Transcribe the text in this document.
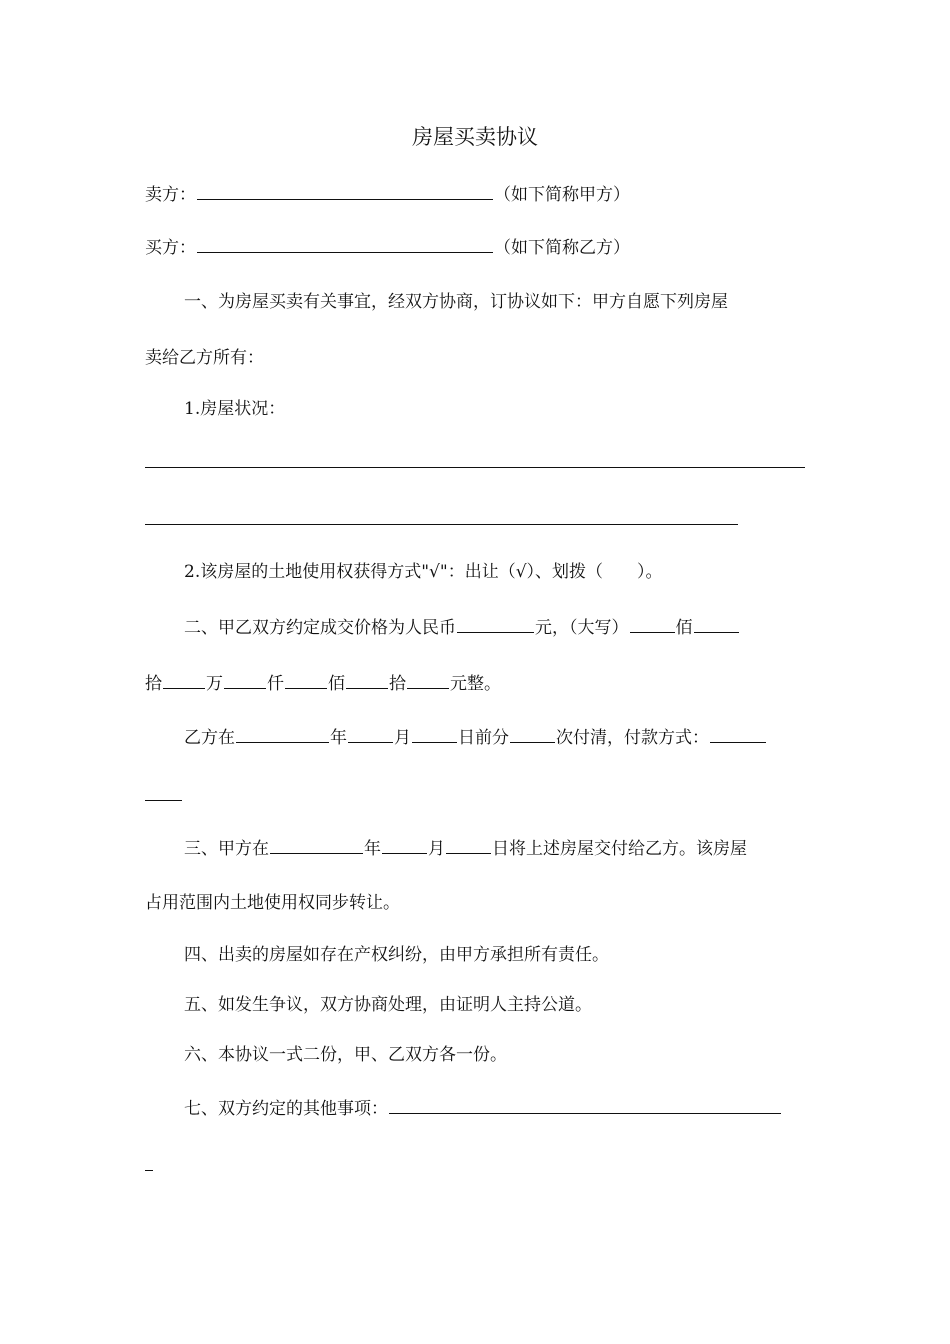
房屋买卖协议
卖方：	（如下简称甲方）
买方：	（如下简称乙方）
一、为房屋买卖有关事宜，经双方协商，订协议如下：甲方自愿下列房屋
卖给乙方所有：
1.房屋状况：
2.该房屋的土地使用权获得方式"√"：出让（√）、划拨（　　）。
二、甲乙双方约定成交价格为人民币	元，（大写）	佰
拾	万	仟	佰	拾	元整。
乙方在	年	月	日前分	次付清，付款方式：
三、甲方在	年	月	日将上述房屋交付给乙方。该房屋
占用范围内土地使用权同步转让。
四、出卖的房屋如存在产权纠纷，由甲方承担所有责任。
五、如发生争议，双方协商处理，由证明人主持公道。
六、本协议一式二份，甲、乙双方各一份。
七、双方约定的其他事项：
